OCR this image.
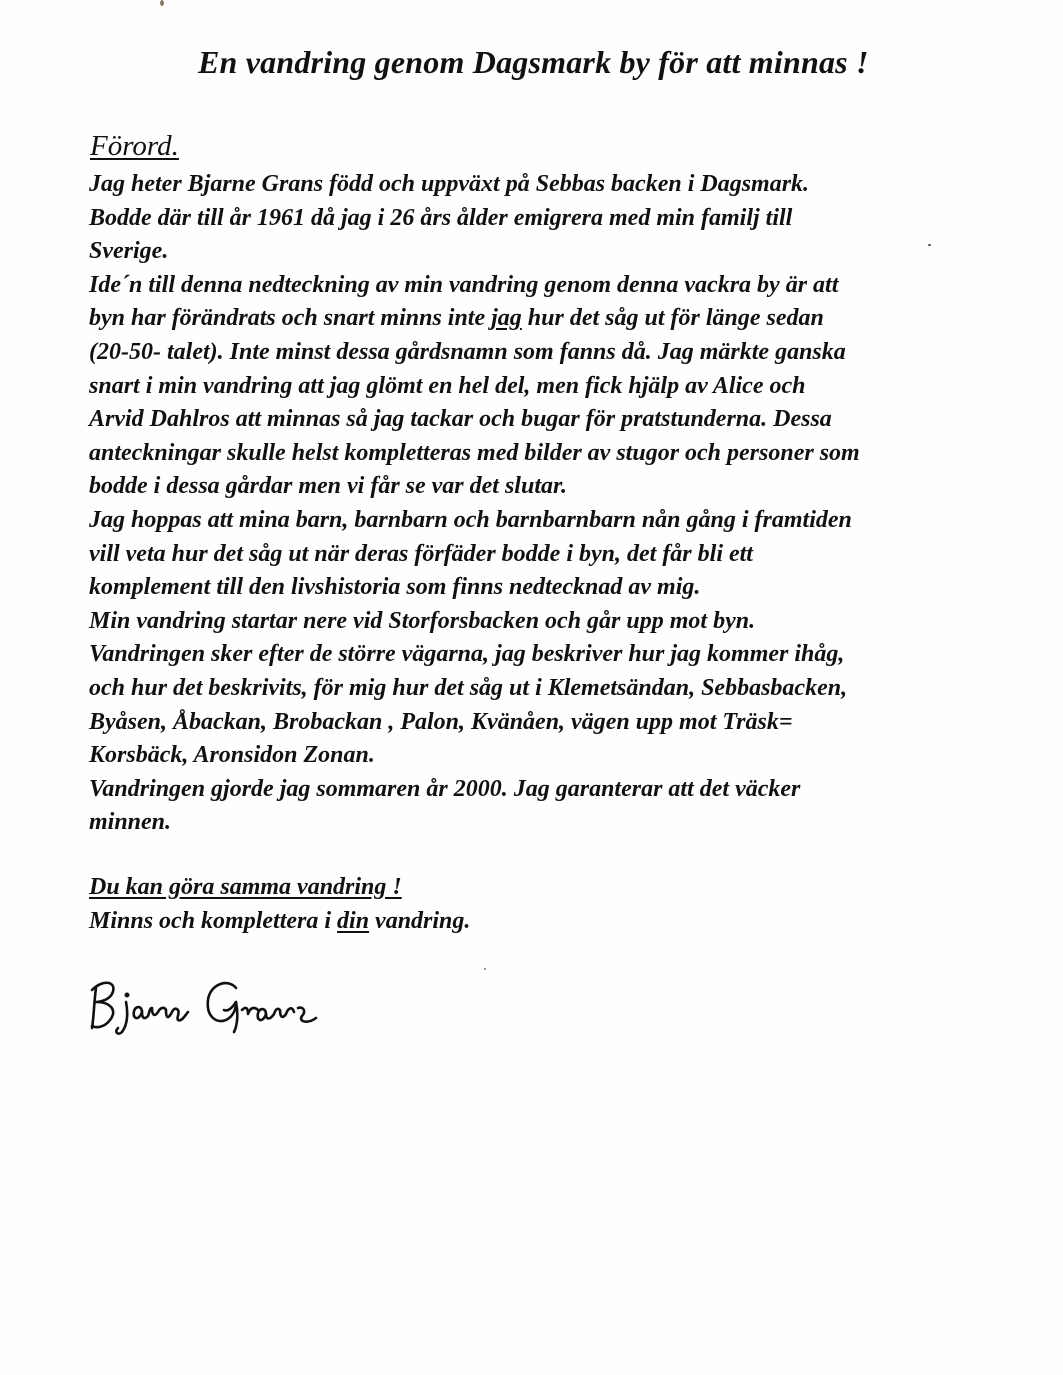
En vandring genom Dagsmark by för att minnas !
Förord.
Jag heter Bjarne Grans född och uppväxt på Sebbas backen i Dagsmark.
Bodde där till år 1961 då jag i 26 års ålder emigrera med min familj till
Sverige.
Ide´n till denna nedteckning av min vandring genom denna vackra by är att
byn har förändrats och snart minns inte jag hur det såg ut för länge sedan
(20-50- talet). Inte minst dessa gårdsnamn som fanns då. Jag märkte ganska
snart i min vandring att jag glömt en hel del, men fick hjälp av Alice och
Arvid Dahlros att minnas så jag tackar och bugar för pratstunderna. Dessa
anteckningar skulle helst kompletteras med bilder av stugor och personer som
bodde i dessa gårdar men vi får se var det slutar.
Jag hoppas att mina barn, barnbarn och barnbarnbarn nån gång i framtiden
vill veta hur det såg ut när deras förfäder bodde i byn, det får bli ett
komplement till den livshistoria som finns nedtecknad av mig.
Min vandring startar nere vid Storforsbacken och går upp mot byn.
Vandringen sker efter de större vägarna, jag beskriver hur jag kommer ihåg,
och hur det beskrivits, för mig hur det såg ut i Klemetsändan, Sebbasbacken,
Byåsen, Åbackan, Brobackan , Palon, Kvänåen, vägen upp mot Träsk=
Korsbäck, Aronsidon Zonan.
Vandringen gjorde jag sommaren år 2000. Jag garanterar att det väcker
minnen.
Du kan göra samma vandring !
Minns och komplettera i din vandring.
